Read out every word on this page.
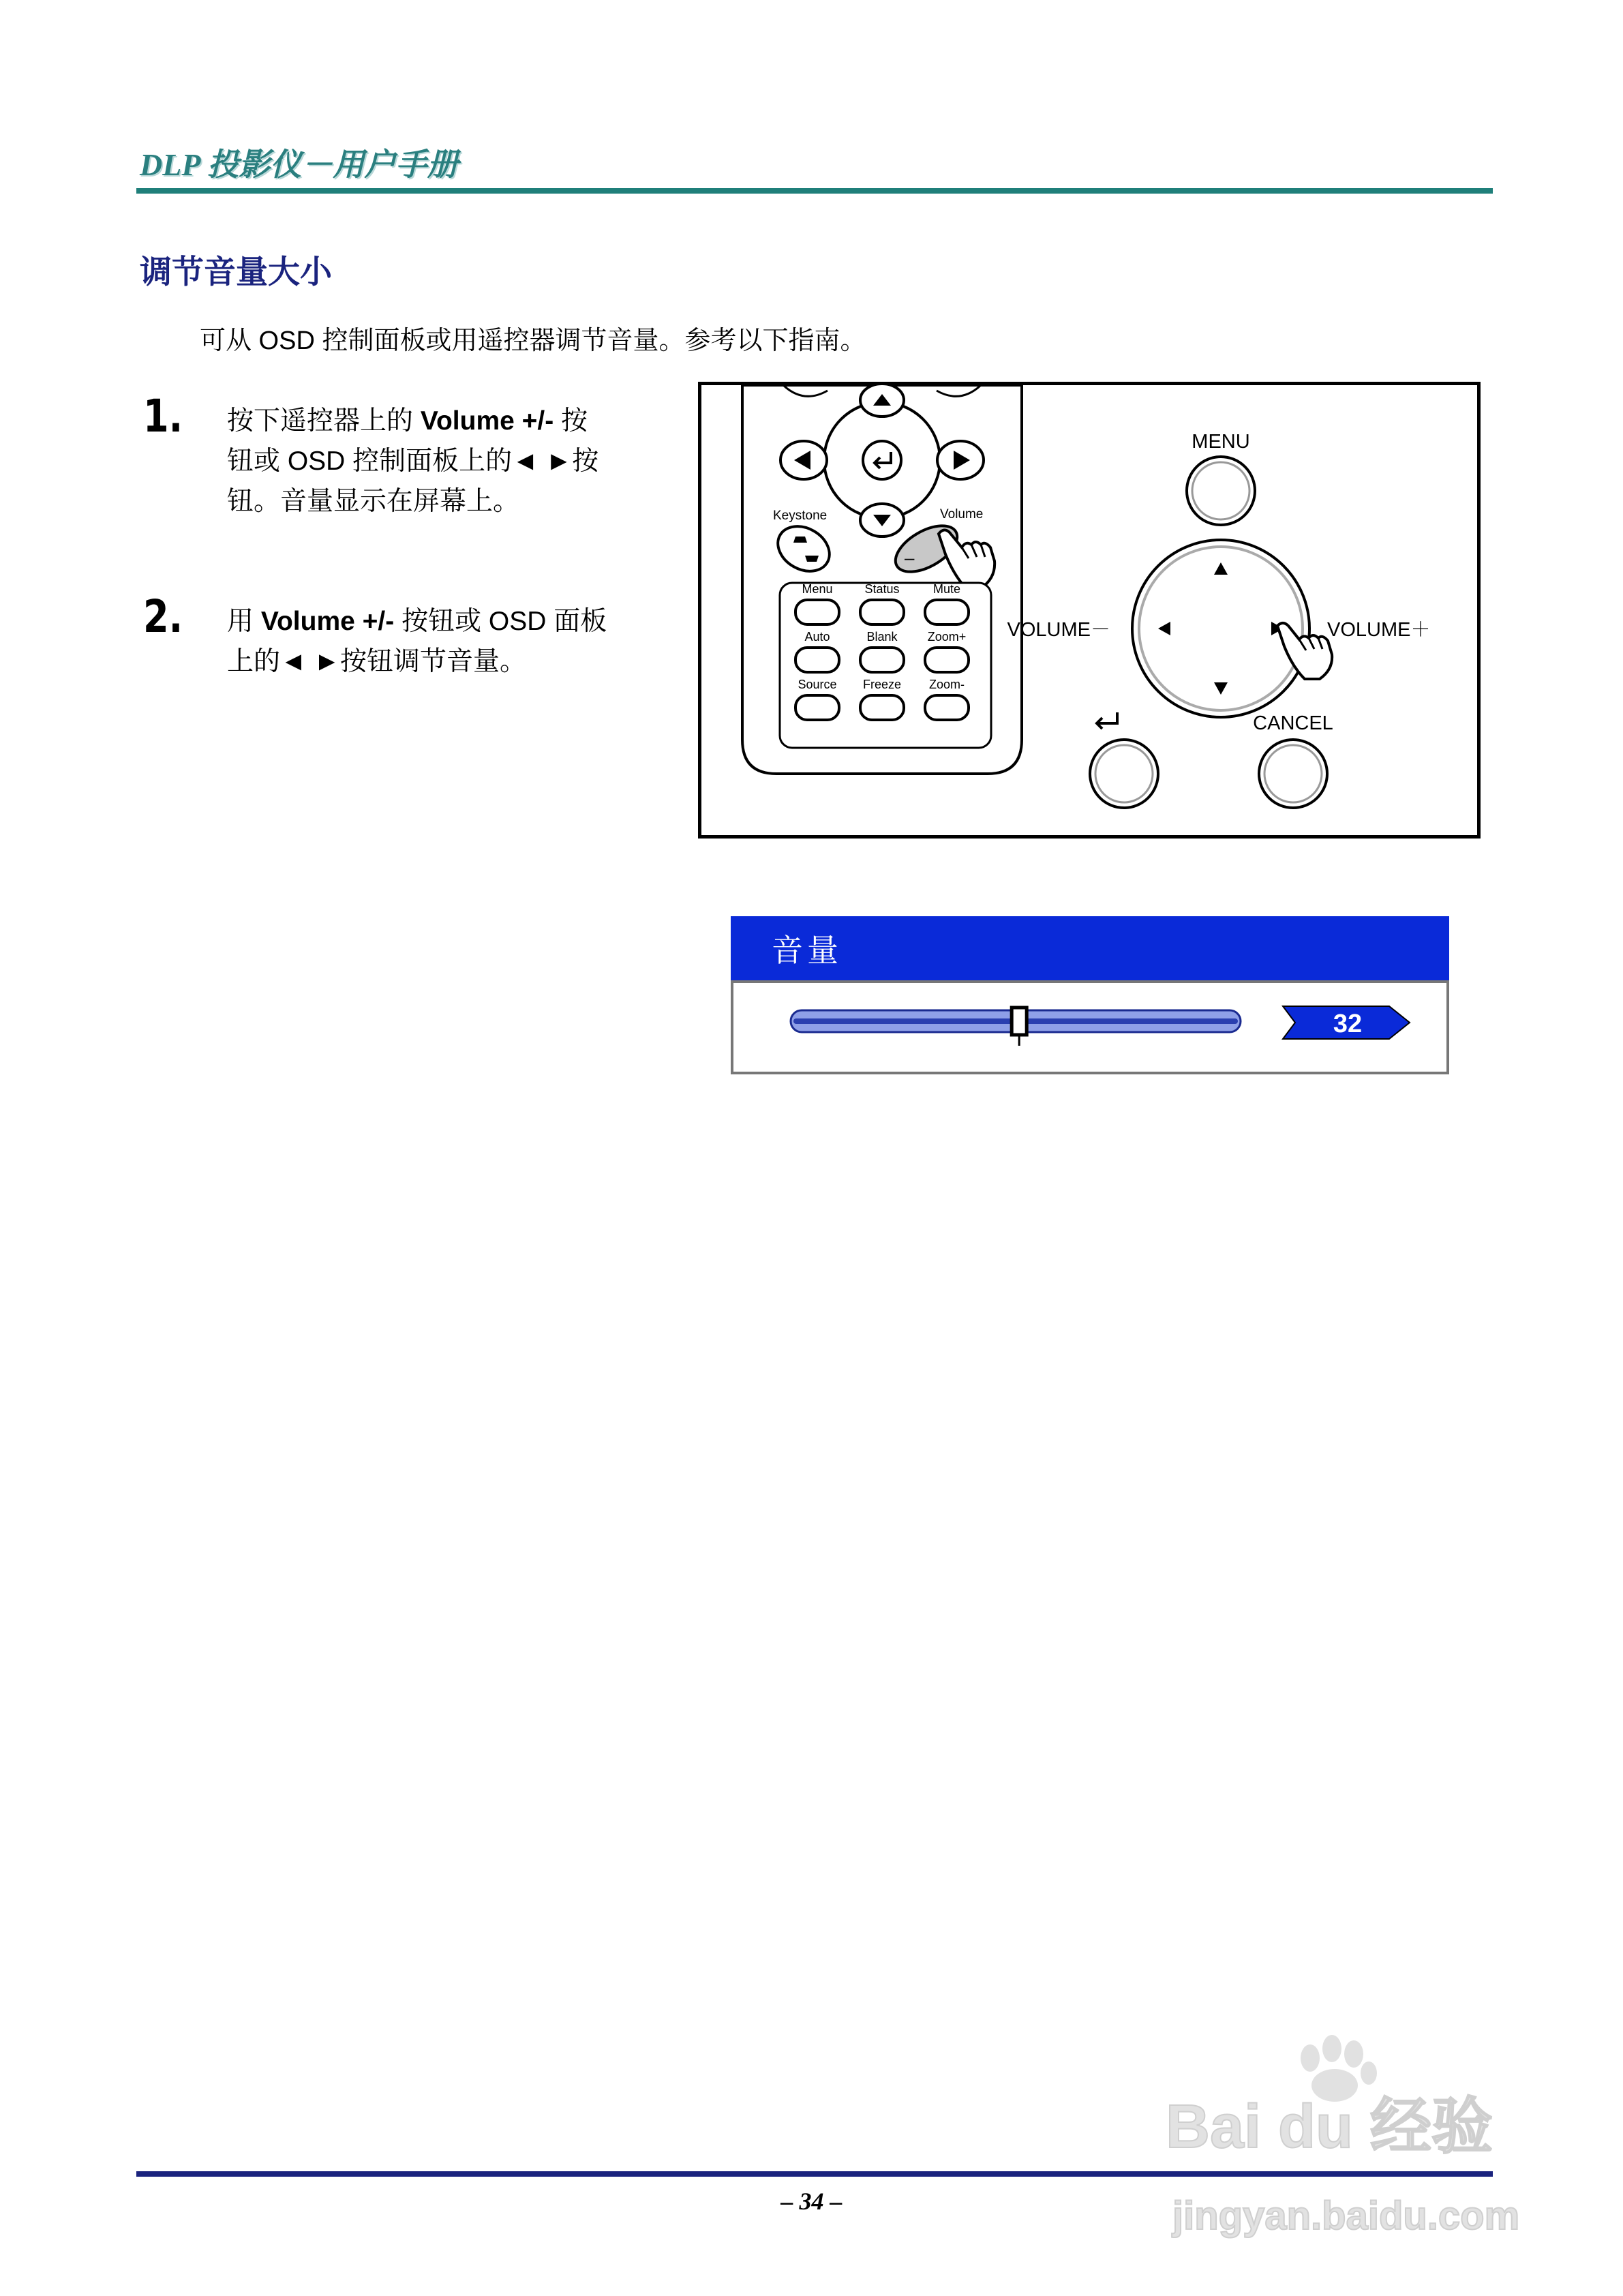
DLP 投影仪－用户手册
调节音量大小
可从 OSD 控制面板或用遥控器调节音量。参考以下指南。
1. 按下遥控器上的 Volume +/- 按
钮或 OSD 控制面板上的◄ ►按
钮。音量显示在屏幕上。
2. 用 Volume +/- 按钮或 OSD 面板
上的◄ ►按钮调节音量。
Keystone	Volume
–
Menu	Status	Mute
Auto	Blank Zoom+
Source Freeze Zoom-
MENU
VOLUME－	VOLUME＋
CANCEL
音量
32
– 34 –
Bai du 经验
jingyan.baidu.com
